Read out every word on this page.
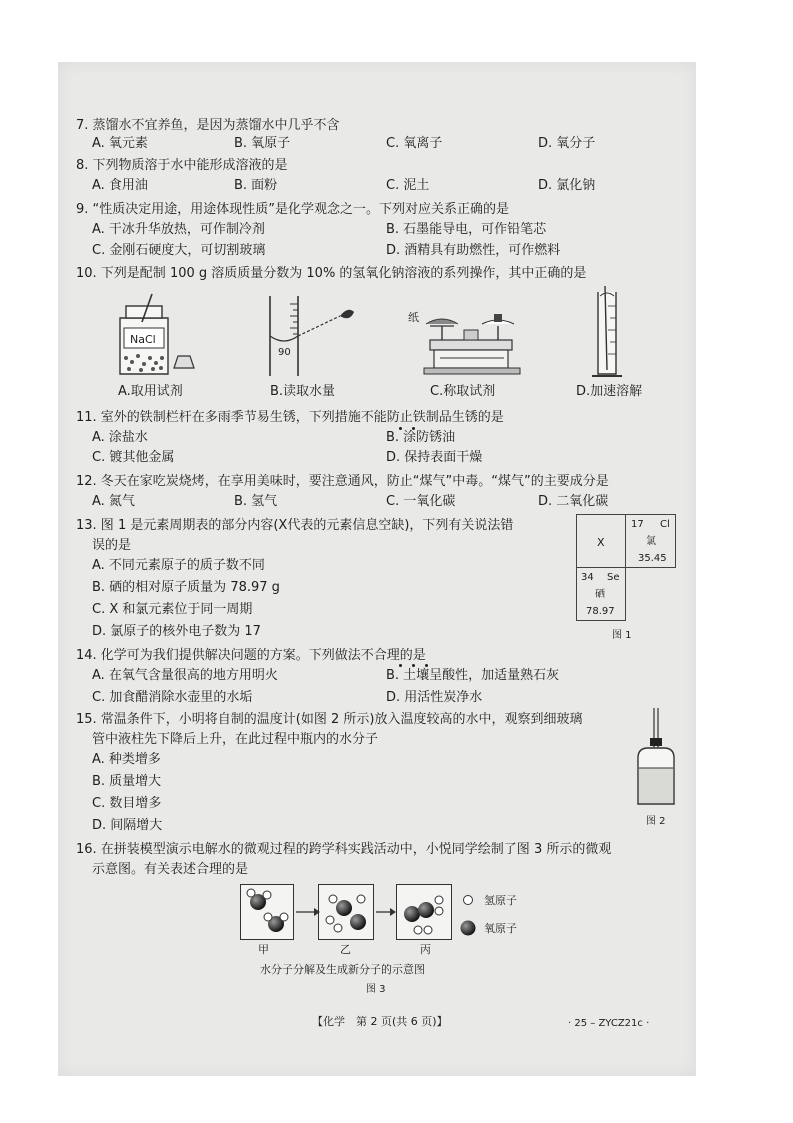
7. 蒸馏水不宜养鱼，是因为蒸馏水中几乎不含
A. 氧元素	B. 氧原子	C. 氧离子	D. 氧分子
8. 下列物质溶于水中能形成溶液的是
A. 食用油	B. 面粉	C. 泥土	D. 氯化钠
9. “性质决定用途，用途体现性质”是化学观念之一。下列对应关系正确的是
A. 干冰升华放热，可作制冷剂	B. 石墨能导电，可作铅笔芯
C. 金刚石硬度大，可切割玻璃	D. 酒精具有助燃性，可作燃料
10. 下列是配制 100 g 溶质质量分数为 10% 的氢氧化钠溶液的系列操作，其中正确的是
NaCl
A.取用试剂
90
B.读取水量
纸
C.称取试剂	D.加速溶解
11. 室外的铁制栏杆在多雨季节易生锈，下列措施不能防止铁制品生锈的是
A. 涂盐水	B. 涂防锈油
C. 镀其他金属	D. 保持表面干燥
12. 冬天在家吃炭烧烤，在享用美味时，要注意通风，防止“煤气”中毒。“煤气”的主要成分是
A. 氮气	B. 氢气	C. 一氧化碳	D. 二氧化碳
13. 图 1 是元素周期表的部分内容(X代表的元素信息空缺)，下列有关说法错
误的是
A. 不同元素原子的质子数不同
B. 硒的相对原子质量为 78.97 g
C. X 和氯元素位于同一周期
D. 氯原子的核外电子数为 17
X
17 Cl
氯
35.45
34 Se
硒
78.97
图 1
14. 化学可为我们提供解决问题的方案。下列做法不合理的是
A. 在氧气含量很高的地方用明火	B. 土壤呈酸性，加适量熟石灰
C. 加食醋消除水壶里的水垢	D. 用活性炭净水
15. 常温条件下，小明将自制的温度计(如图 2 所示)放入温度较高的水中，观察到细玻璃
管中液柱先下降后上升，在此过程中瓶内的水分子
A. 种类增多
B. 质量增大
C. 数目增多
D. 间隔增大	图 2
16. 在拼装模型演示电解水的微观过程的跨学科实践活动中，小悦同学绘制了图 3 所示的微观
示意图。有关表述合理的是
氢原子
氧原子
甲	乙	丙
水分子分解及生成新分子的示意图
图 3
【化学　第 2 页(共 6 页)】	· 25 – ZYCZ21c ·
